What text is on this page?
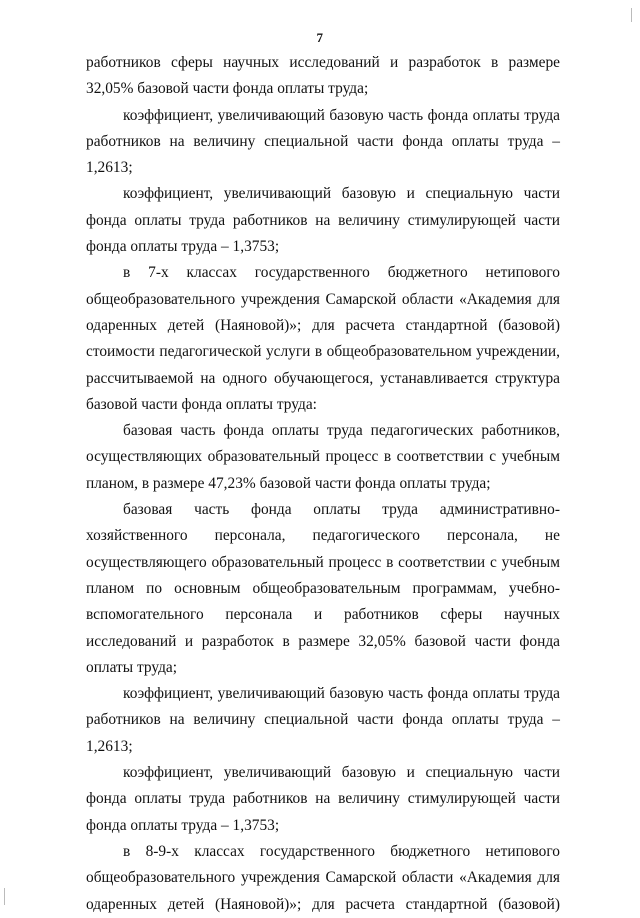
7

работников сферы научных исследований и разработок в размере 32,05% базовой части фонда оплаты труда;

коэффициент, увеличивающий базовую часть фонда оплаты труда работников на величину специальной части фонда оплаты труда – 1,2613;

коэффициент, увеличивающий базовую и специальную части фонда оплаты труда работников на величину стимулирующей части фонда оплаты труда – 1,3753;

в 7-х классах государственного бюджетного нетипового общеобразовательного учреждения Самарской области «Академия для одаренных детей (Наяновой)»; для расчета стандартной (базовой) стоимости педагогической услуги в общеобразовательном учреждении, рассчитываемой на одного обучающегося, устанавливается структура базовой части фонда оплаты труда:

базовая часть фонда оплаты труда педагогических работников, осуществляющих образовательный процесс в соответствии с учебным планом, в размере 47,23% базовой части фонда оплаты труда;

базовая часть фонда оплаты труда административно-хозяйственного персонала, педагогического персонала, не осуществляющего образовательный процесс в соответствии с учебным планом по основным общеобразовательным программам, учебно-вспомогательного персонала и работников сферы научных исследований и разработок в размере 32,05% базовой части фонда оплаты труда;

коэффициент, увеличивающий базовую часть фонда оплаты труда работников на величину специальной части фонда оплаты труда – 1,2613;

коэффициент, увеличивающий базовую и специальную части фонда оплаты труда работников на величину стимулирующей части фонда оплаты труда – 1,3753;

в 8-9-х классах государственного бюджетного нетипового общеобразовательного учреждения Самарской области «Академия для одаренных детей (Наяновой)»; для расчета стандартной (базовой)
